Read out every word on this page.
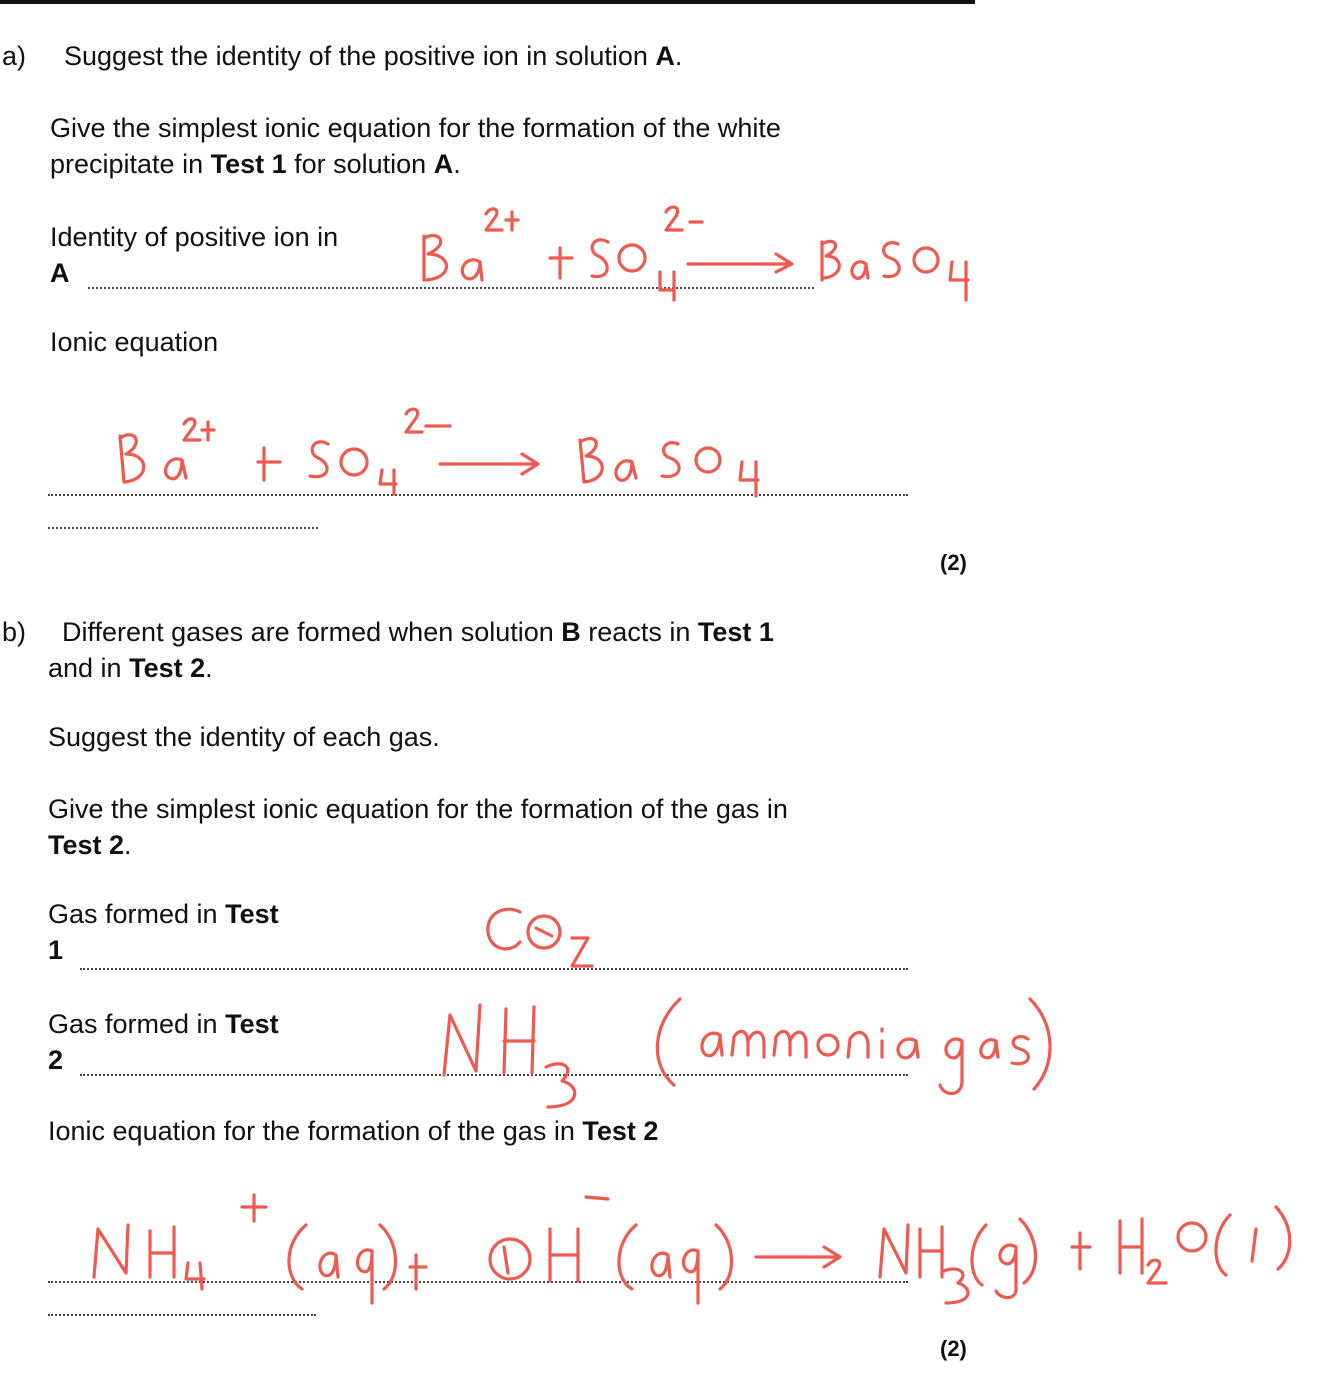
a) Suggest the identity of the positive ion in solution A.
Give the simplest ionic equation for the formation of the white
precipitate in Test 1 for solution A.
Identity of positive ion in
A
Ionic equation
(2)
b) Different gases are formed when solution B reacts in Test 1
and in Test 2.
Suggest the identity of each gas.
Give the simplest ionic equation for the formation of the gas in
Test 2.
Gas formed in Test
1
Gas formed in Test
2
Ionic equation for the formation of the gas in Test 2
(2)
